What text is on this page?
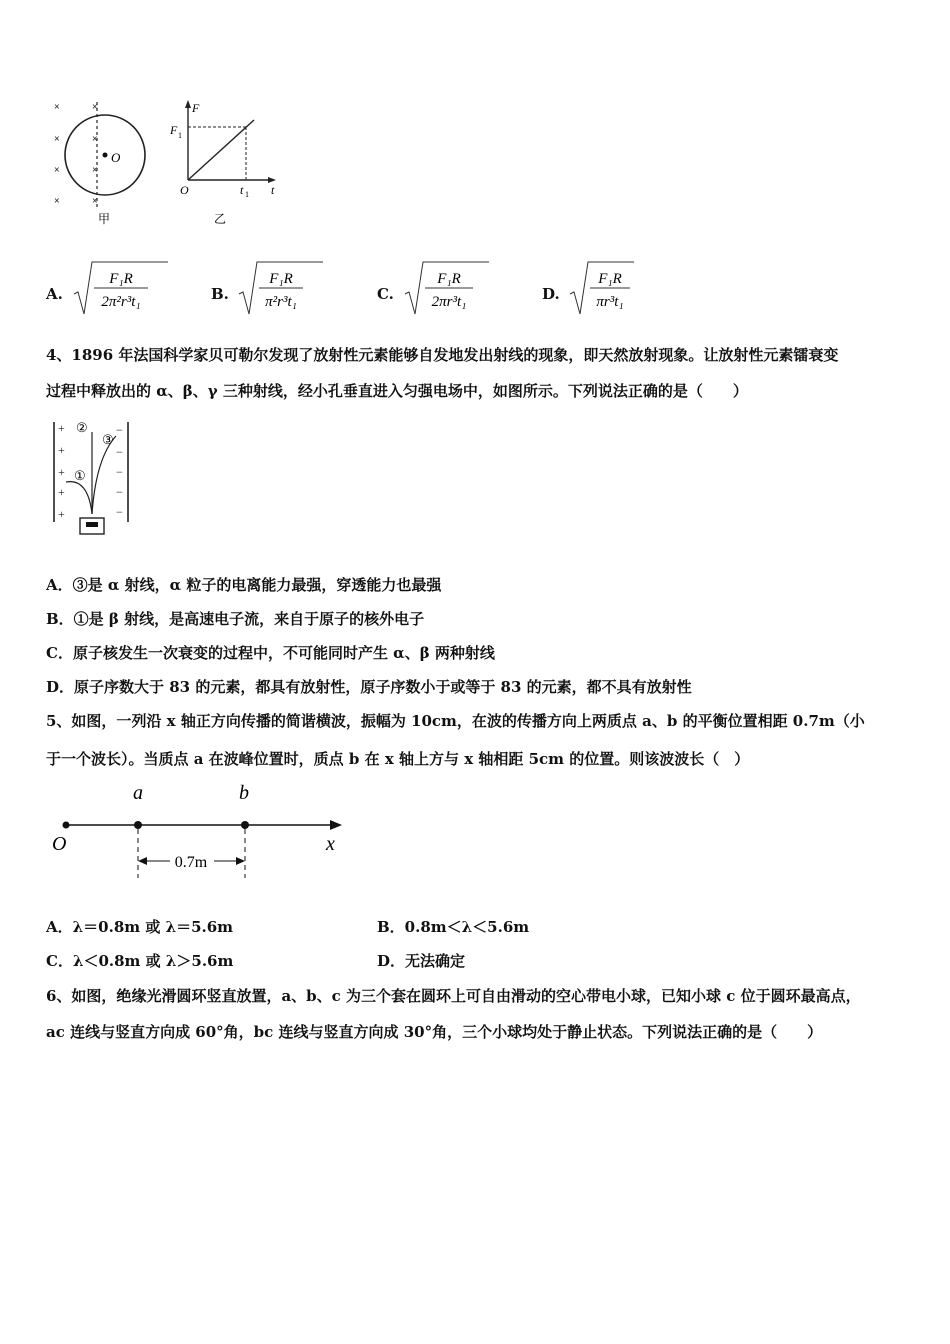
×	×
×	×
×	×
×	×
O
甲
F
F 1
O	t 1 t
乙
A.
F₁R
2π²r³t₁	B.
F₁R
π²r³t₁	C.
F₁R
2πr³t₁	D.
F₁R
πr³t₁
4、1896 年法国科学家贝可勒尔发现了放射性元素能够自发地发出射线的现象，即天然放射现象。让放射性元素镭衰变
过程中释放出的 α、β、γ 三种射线，经小孔垂直进入匀强电场中，如图所示。下列说法正确的是（　　）
+
+
+
+
+
−
−
−
−
−
①
②
③
A．③是 α 射线，α 粒子的电离能力最强，穿透能力也最强
B．①是 β 射线，是高速电子流，来自于原子的核外电子
C．原子核发生一次衰变的过程中，不可能同时产生 α、β 两种射线
D．原子序数大于 83 的元素，都具有放射性，原子序数小于或等于 83 的元素，都不具有放射性
5、如图，一列沿 x 轴正方向传播的简谐横波，振幅为 10cm，在波的传播方向上两质点 a、b 的平衡位置相距 0.7m（小
于一个波长）。当质点 a 在波峰位置时，质点 b 在 x 轴上方与 x 轴相距 5cm 的位置。则该波波长（　）
0.7m
a	b
O	x
A．λ＝0.8m 或 λ＝5.6m	B．0.8m＜λ＜5.6m
C．λ＜0.8m 或 λ＞5.6m	D．无法确定
6、如图，绝缘光滑圆环竖直放置，a、b、c 为三个套在圆环上可自由滑动的空心带电小球，已知小球 c 位于圆环最高点，
ac 连线与竖直方向成 60°角，bc 连线与竖直方向成 30°角，三个小球均处于静止状态。下列说法正确的是（　　）
